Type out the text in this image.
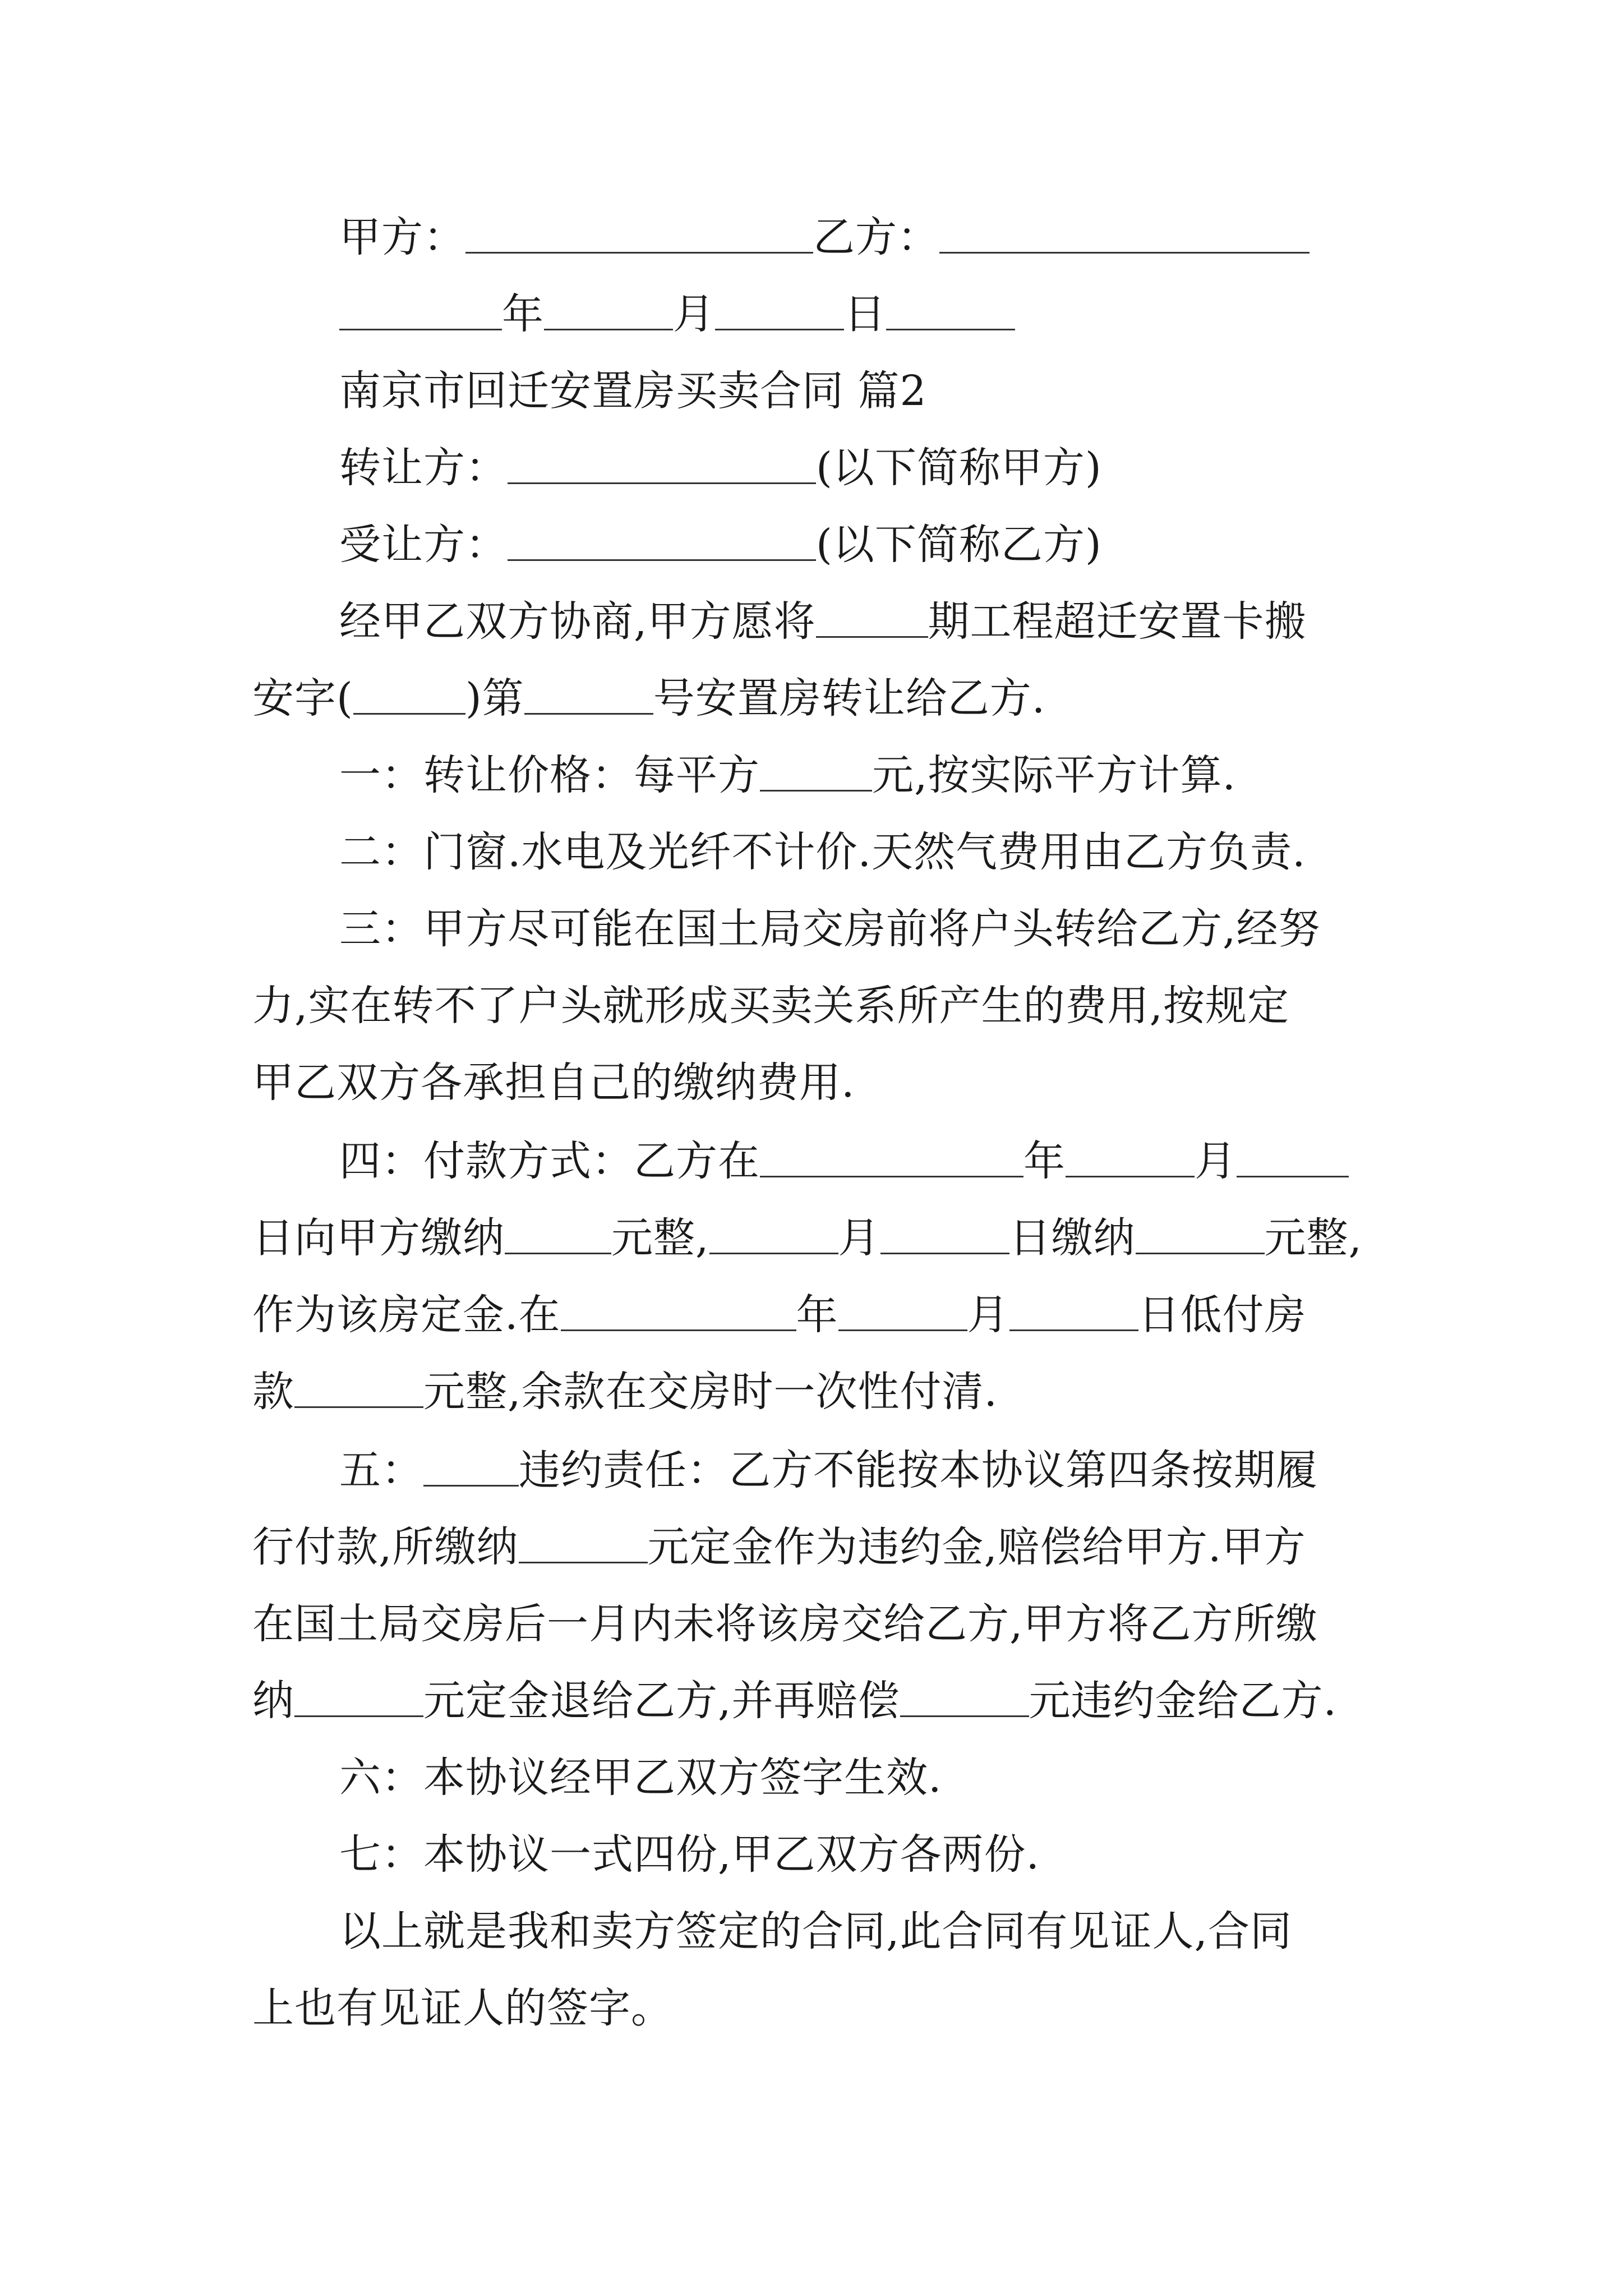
甲方：	乙方：
年	月	日
南京市回迁安置房买卖合同 篇2
转让方：	(以下简称甲方)
受让方：	(以下简称乙方)
经甲乙双方协商,甲方愿将	期工程超迁安置卡搬
安字(	)第	号安置房转让给乙方.
一：转让价格：每平方	元,按实际平方计算.
二：门窗.水电及光纤不计价.天然气费用由乙方负责.
三：甲方尽可能在国土局交房前将户头转给乙方,经努
力,实在转不了户头就形成买卖关系所产生的费用,按规定
甲乙双方各承担自己的缴纳费用.
四：付款方式：乙方在	年	月
日向甲方缴纳	元整,	月	日缴纳	元整,
作为该房定金.在	年	月	日低付房
款	元整,余款在交房时一次性付清.
五： 违约责任：乙方不能按本协议第四条按期履
行付款,所缴纳	元定金作为违约金,赔偿给甲方.甲方
在国土局交房后一月内未将该房交给乙方,甲方将乙方所缴
纳	元定金退给乙方,并再赔偿	元违约金给乙方.
六：本协议经甲乙双方签字生效.
七：本协议一式四份,甲乙双方各两份.
以上就是我和卖方签定的合同,此合同有见证人,合同
上也有见证人的签字。
